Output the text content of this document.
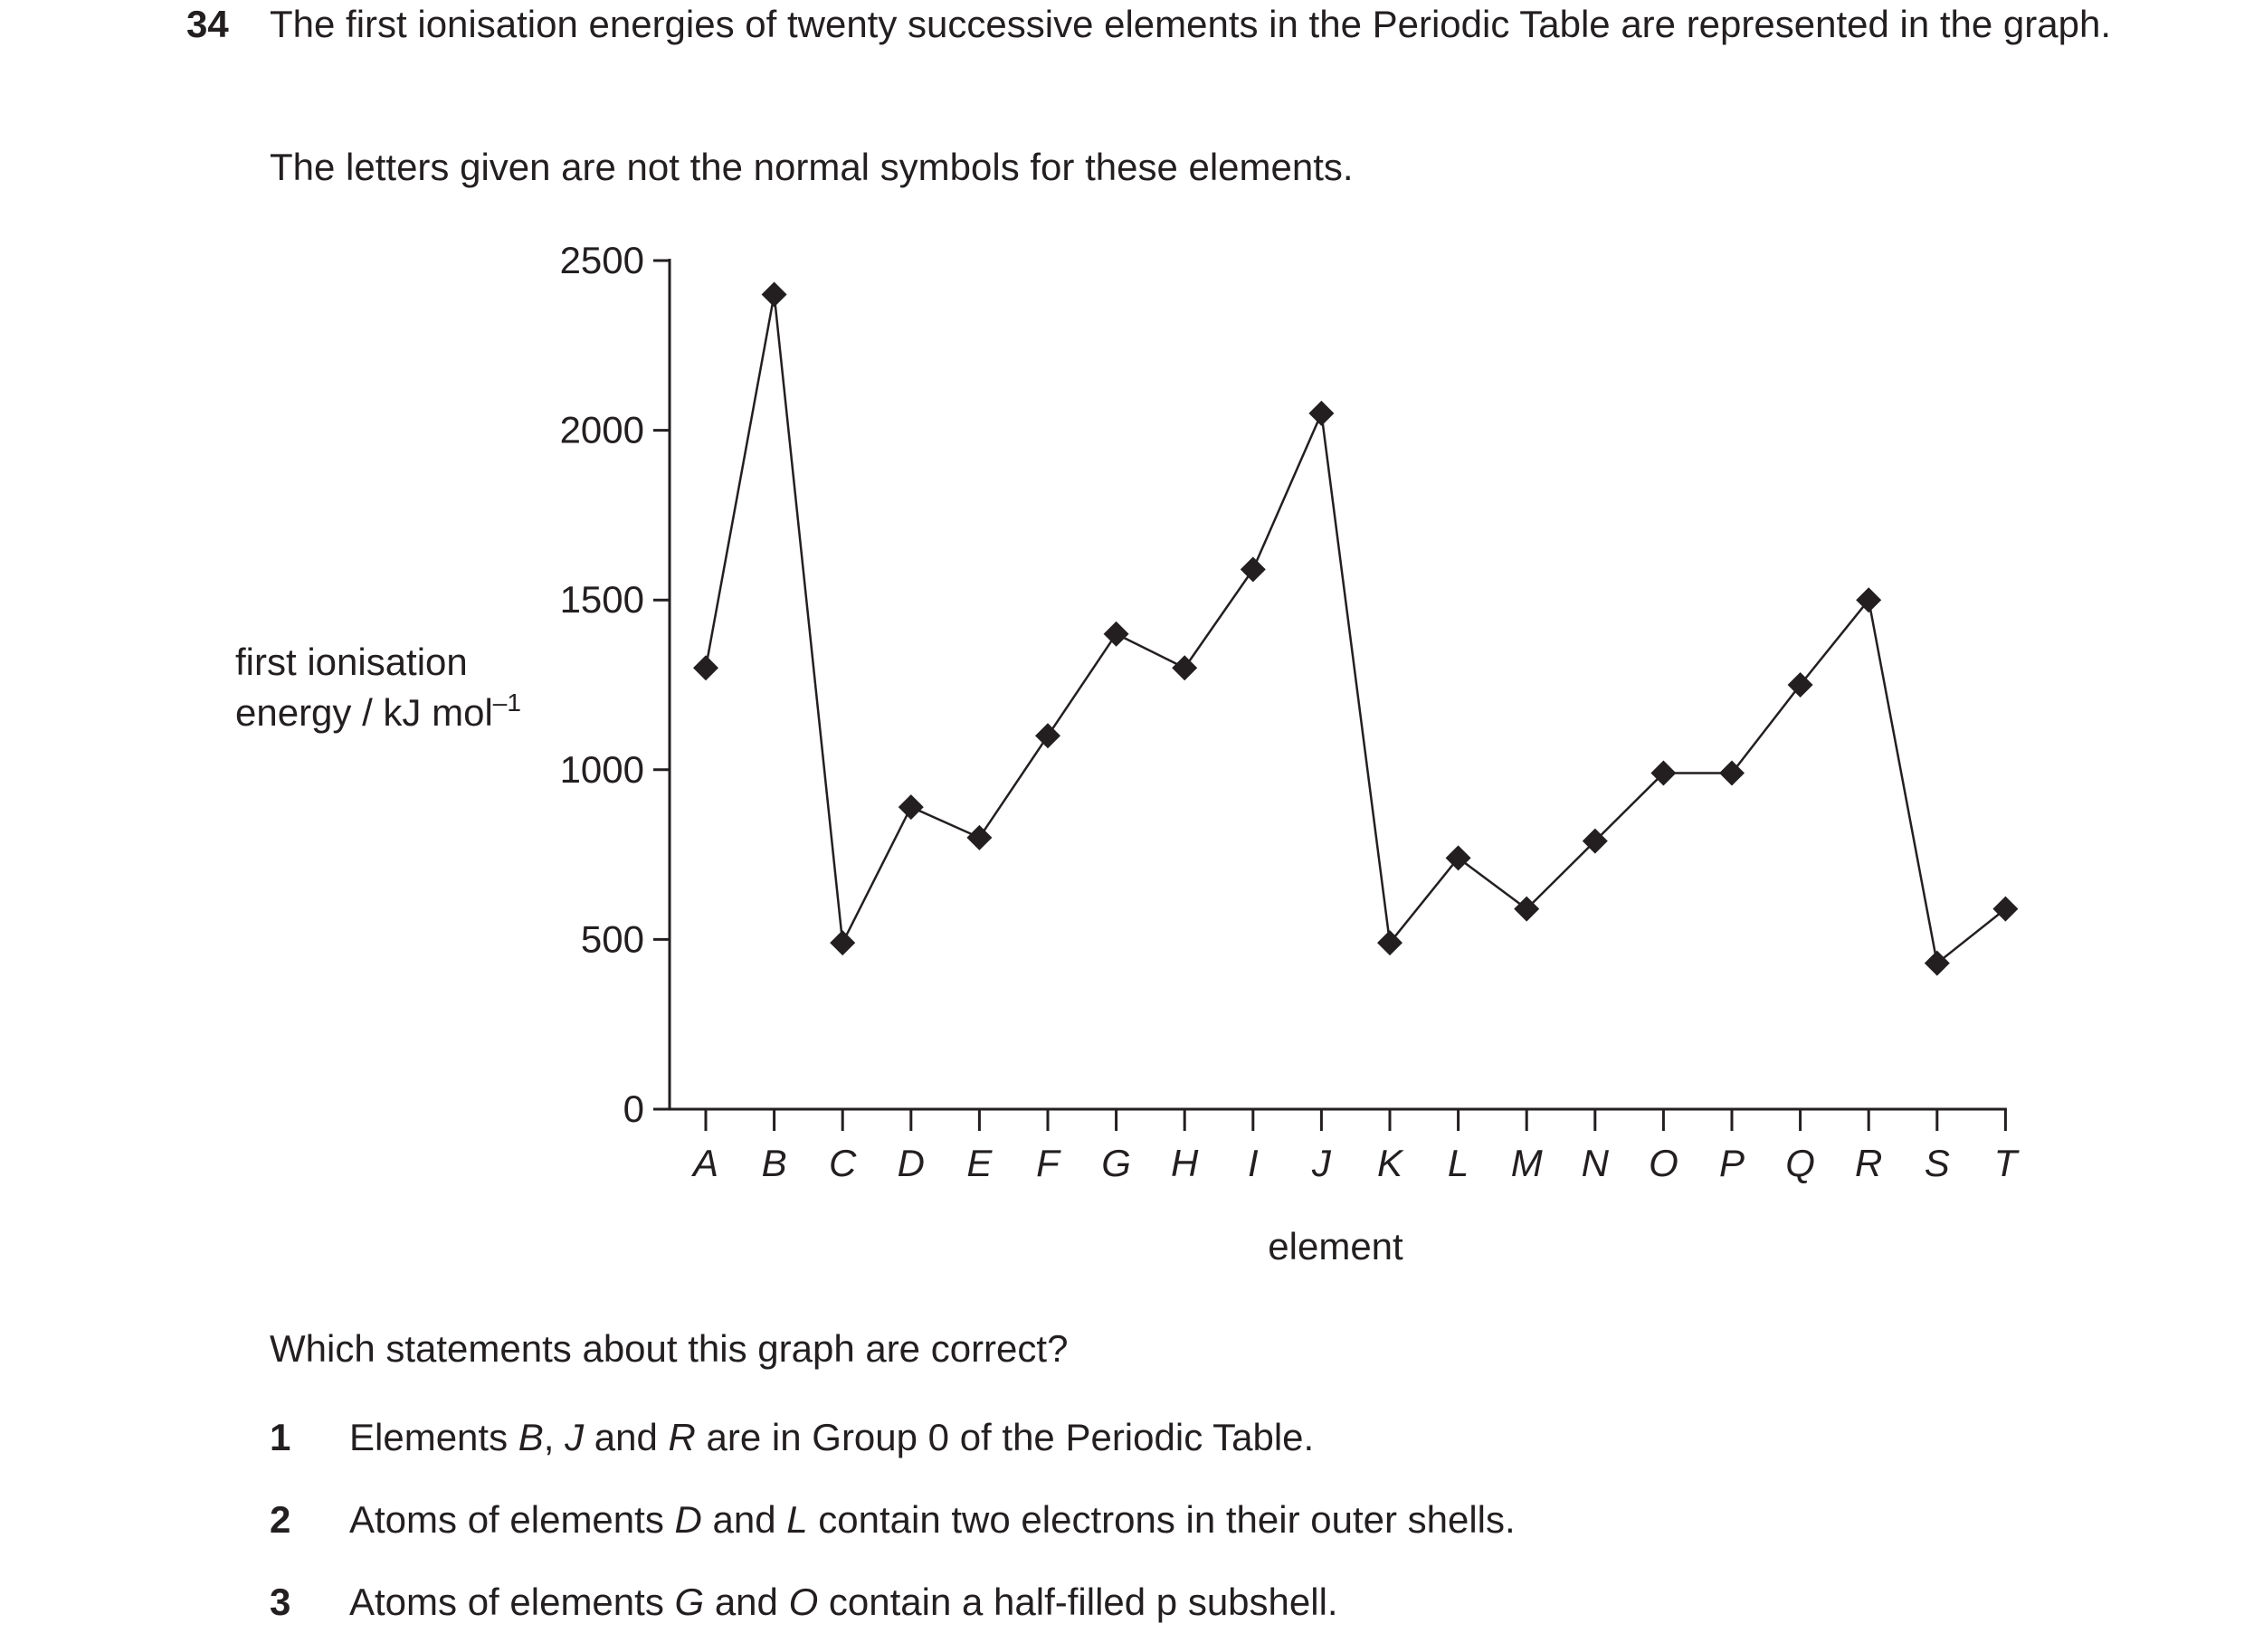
34 The first ionisation energies of twenty successive elements in the Periodic Table are represented in the graph.
The letters given are not the normal symbols for these elements.
0
500
1000
1500
2000
2500
A B C D E F G H I J K L M N O P Q R S T
first ionisation
energy / kJ mol$^{-1}$
element
Which statements about this graph are correct?
1 Elements B, J and R are in Group 0 of the Periodic Table.
2 Atoms of elements D and L contain two electrons in their outer shells.
3 Atoms of elements G and O contain a half-filled p subshell.
